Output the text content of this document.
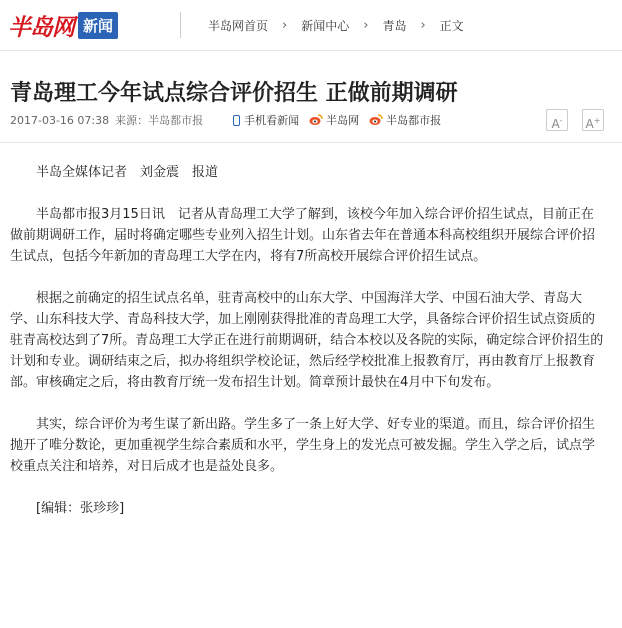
半岛网 新闻	半岛网首页 › 新闻中心 › 青岛 › 正文
青岛理工今年试点综合评价招生 正做前期调研
2017-03-16 07:38 来源：半岛都市报	手机看新闻 半岛网 半岛都市报	A-	A+

半岛全媒体记者　刘金震　报道

半岛都市报3月15日讯　记者从青岛理工大学了解到，该校今年加入综合评价招生试点，目前正在做前期调研工作，届时将确定哪些专业列入招生计划。山东省去年在普通本科高校组织开展综合评价招生试点，包括今年新加的青岛理工大学在内，将有7所高校开展综合评价招生试点。

根据之前确定的招生试点名单，驻青高校中的山东大学、中国海洋大学、中国石油大学、青岛大学、山东科技大学、青岛科技大学，加上刚刚获得批准的青岛理工大学，具备综合评价招生试点资质的驻青高校达到了7所。青岛理工大学正在进行前期调研，结合本校以及各院的实际，确定综合评价招生的计划和专业。调研结束之后，拟办将组织学校论证，然后经学校批准上报教育厅，再由教育厅上报教育部。审核确定之后，将由教育厅统一发布招生计划。简章预计最快在4月中下旬发布。

其实，综合评价为考生谋了新出路。学生多了一条上好大学、好专业的渠道。而且，综合评价招生抛开了唯分数论，更加重视学生综合素质和水平，学生身上的发光点可被发掘。学生入学之后，试点学校重点关注和培养，对日后成才也是益处良多。

[编辑：张珍珍]
